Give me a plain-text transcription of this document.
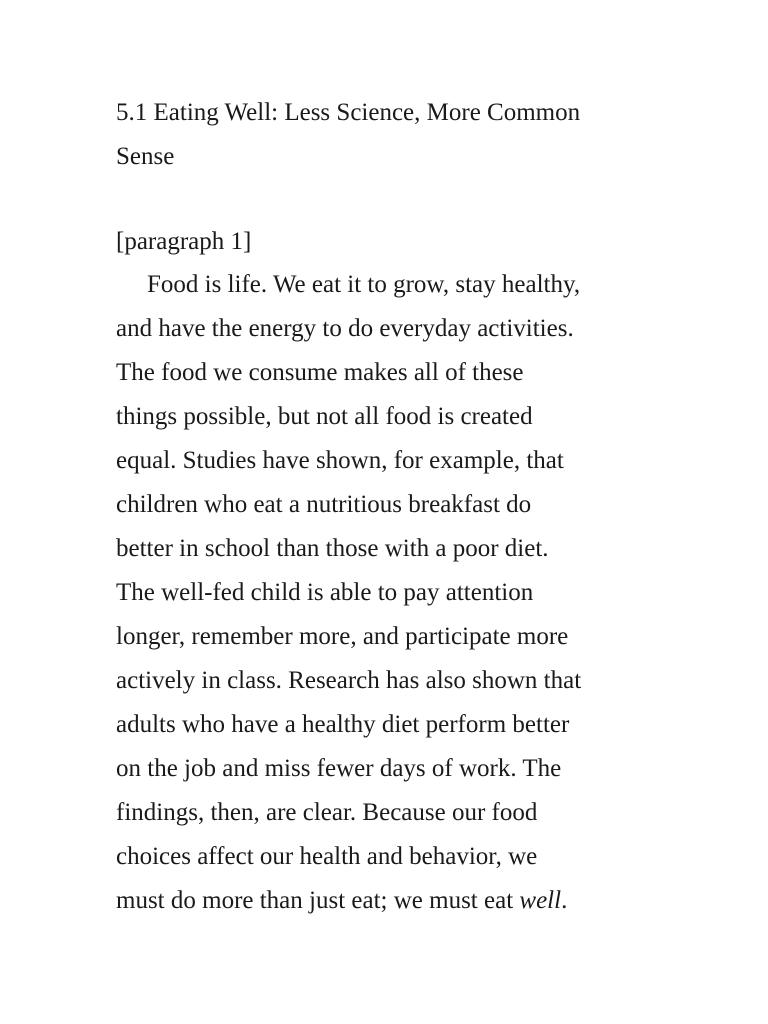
5.1 Eating Well: Less Science, More Common
Sense
[paragraph 1]
Food is life. We eat it to grow, stay healthy,
and have the energy to do everyday activities.
The food we consume makes all of these
things possible, but not all food is created
equal. Studies have shown, for example, that
children who eat a nutritious breakfast do
better in school than those with a poor diet.
The well-fed child is able to pay attention
longer, remember more, and participate more
actively in class. Research has also shown that
adults who have a healthy diet perform better
on the job and miss fewer days of work. The
findings, then, are clear. Because our food
choices affect our health and behavior, we
must do more than just eat; we must eat well.
